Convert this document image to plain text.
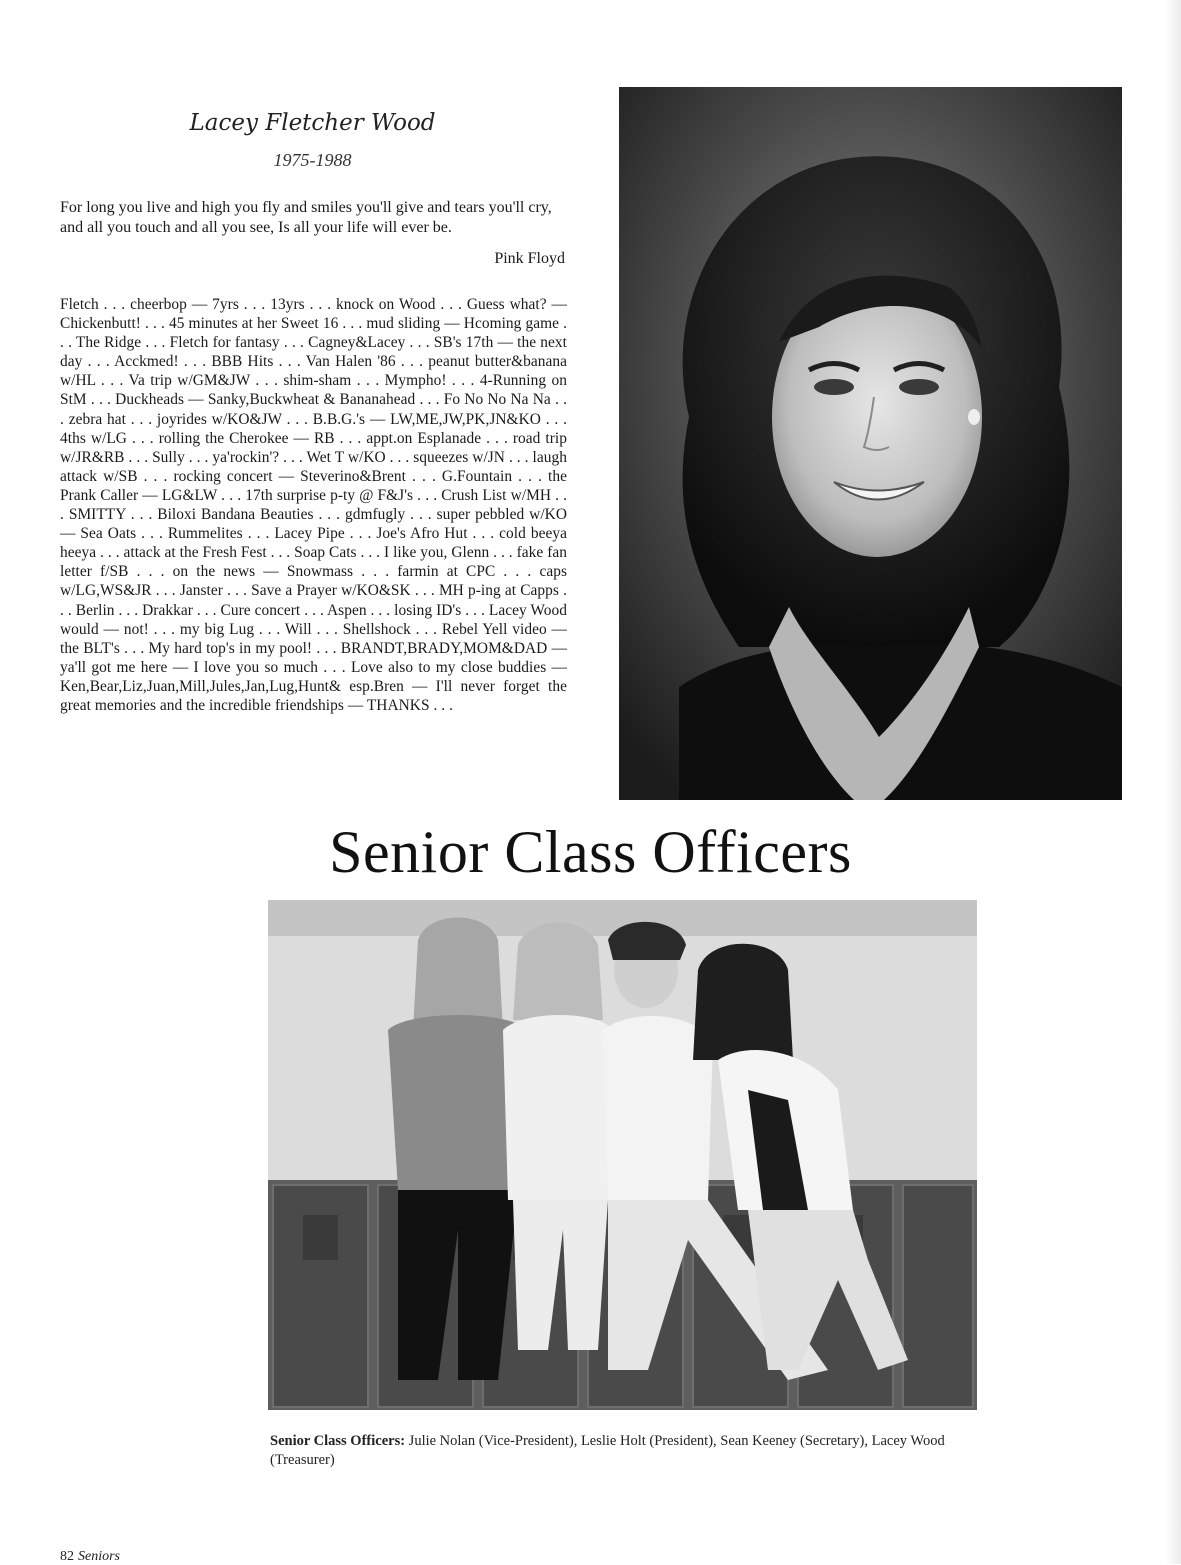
Lacey Fletcher Wood
1975-1988
For long you live and high you fly and smiles you'll give and tears you'll cry, and all you touch and all you see, Is all your life will ever be.
Pink Floyd
Fletch . . . cheerbop — 7yrs . . . 13yrs . . . knock on Wood . . . Guess what? — Chickenbutt! . . . 45 minutes at her Sweet 16 . . . mud sliding — Hcoming game . . . The Ridge . . . Fletch for fantasy . . . Cagney&Lacey . . . SB's 17th — the next day . . . Acckmed! . . . BBB Hits . . . Van Halen '86 . . . peanut butter&banana w/HL . . . Va trip w/GM&JW . . . shim-sham . . . Mympho! . . . 4-Running on StM . . . Duckheads — Sanky,Buckwheat & Bananahead . . . Fo No No Na Na . . . zebra hat . . . joyrides w/KO&JW . . . B.B.G.'s — LW,ME,JW,PK,JN&KO . . . 4ths w/LG . . . rolling the Cherokee — RB . . . appt.on Esplanade . . . road trip w/JR&RB . . . Sully . . . ya'rockin'? . . . Wet T w/KO . . . squeezes w/JN . . . laugh attack w/SB . . . rocking concert — Steverino&Brent . . . G.Fountain . . . the Prank Caller — LG&LW . . . 17th surprise p-ty @ F&J's . . . Crush List w/MH . . . SMITTY . . . Biloxi Bandana Beauties . . . gdmfugly . . . super pebbled w/KO — Sea Oats . . . Rummelites . . . Lacey Pipe . . . Joe's Afro Hut . . . cold beeya heeya . . . attack at the Fresh Fest . . . Soap Cats . . . I like you, Glenn . . . fake fan letter f/SB . . . on the news — Snowmass . . . farmin at CPC . . . caps w/LG,WS&JR . . . Janster . . . Save a Prayer w/KO&SK . . . MH p-ing at Capps . . . Berlin . . . Drakkar . . . Cure concert . . . Aspen . . . losing ID's . . . Lacey Wood would — not! . . . my big Lug . . . Will . . . Shellshock . . . Rebel Yell video — the BLT's . . . My hard top's in my pool! . . . BRANDT,BRADY,MOM&DAD — ya'll got me here — I love you so much . . . Love also to my close buddies — Ken,Bear,Liz,Juan,Mill,Jules,Jan,Lug,Hunt& esp.Bren — I'll never forget the great memories and the incredible friendships — THANKS . . .
Senior Class Officers
Senior Class Officers: Julie Nolan (Vice-President), Leslie Holt (President), Sean Keeney (Secretary), Lacey Wood (Treasurer)
82 Seniors
